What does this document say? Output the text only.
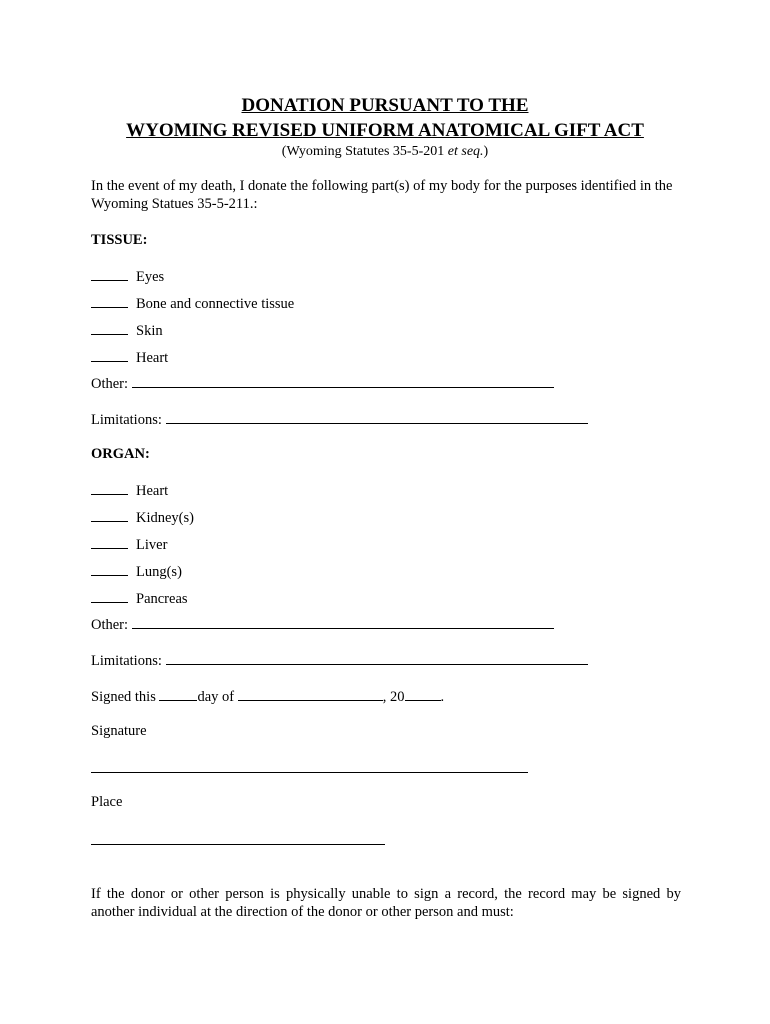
DONATION PURSUANT TO THE
WYOMING REVISED UNIFORM ANATOMICAL GIFT ACT
(Wyoming Statutes 35-5-201 et seq.)
In the event of my death, I donate the following part(s) of my body for the purposes identified in the Wyoming Statues 35-5-211.:
TISSUE:
Eyes
Bone and connective tissue
Skin
Heart
Other:
Limitations:
ORGAN:
Heart
Kidney(s)
Liver
Lung(s)
Pancreas
Other:
Limitations:
Signed this	day of	, 20 .
Signature
Place
If the donor or other person is physically unable to sign a record, the record may be signed by another individual at the direction of the donor or other person and must:
